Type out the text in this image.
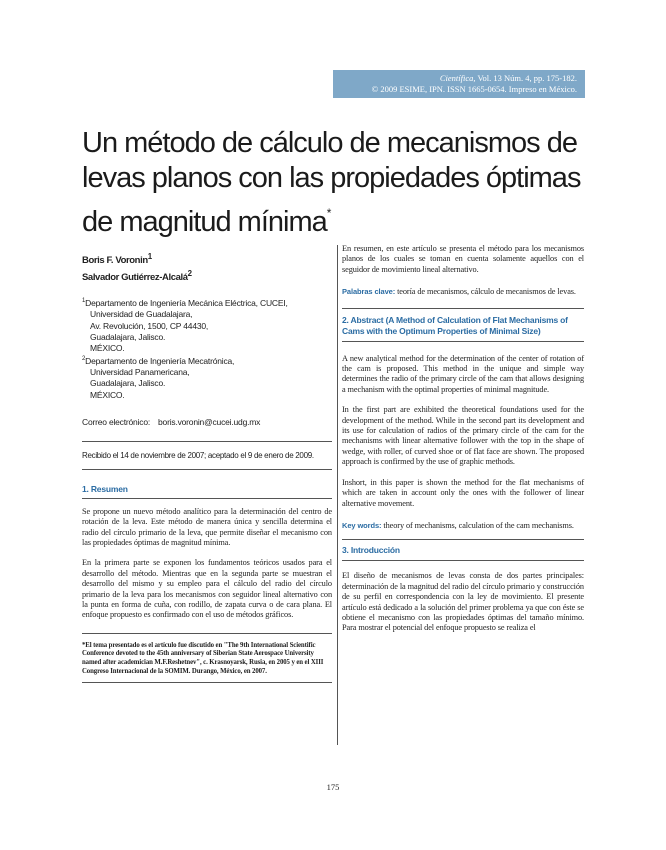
Científica, Vol. 13 Núm. 4, pp. 175-182.
© 2009 ESIME, IPN. ISSN 1665-0654. Impreso en México.
Un método de cálculo de mecanismos de levas planos con las propiedades óptimas de magnitud mínima*
Boris F. Voronin$^1$
Salvador Gutiérrez-Alcalá$^2$
$^1$Departamento de Ingeniería Mecánica Eléctrica, CUCEI,
Universidad de Guadalajara,
Av. Revolución, 1500, CP 44430,
Guadalajara, Jalisco.
MÉXICO.
$^2$Departamento de Ingeniería Mecatrónica,
Universidad Panamericana,
Guadalajara, Jalisco.
MÉXICO.
Correo electrónico: boris.voronin@cucei.udg.mx
Recibido el 14 de noviembre de 2007; aceptado el 9 de enero de 2009.
1. Resumen

Se propone un nuevo método analítico para la determinación del centro de rotación de la leva. Este método de manera única y sencilla determina el radio del círculo primario de la leva, que permite diseñar el mecanismo con las propiedades óptimas de magnitud mínima.

En la primera parte se exponen los fundamentos teóricos usados para el desarrollo del método. Mientras que en la segunda parte se muestran el desarrollo del mismo y su empleo para el cálculo del radio del círculo primario de la leva para los mecanismos con seguidor lineal alternativo con la punta en forma de cuña, con rodillo, de zapata curva o de cara plana. El enfoque propuesto es confirmado con el uso de métodos gráficos.

*El tema presentado es el artículo fue discutido en "The 9th International Scientific Conference devoted to the 45th anniversary of Siberian State Aerospace University named after academician M.F.Reshetnev", c. Krasnoyarsk, Rusia, en 2005 y en el XIII Congreso Internacional de la SOMIM. Durango, México, en 2007.

En resumen, en este artículo se presenta el método para los mecanismos planos de los cuales se toman en cuenta solamente aquellos con el seguidor de movimiento lineal alternativo.

Palabras clave: teoría de mecanismos, cálculo de mecanismos de levas.

2. Abstract (A Method of Calculation of Flat Mechanisms of Cams with the Optimum Properties of Minimal Size)

A new analytical method for the determination of the center of rotation of the cam is proposed. This method in the unique and simple way determines the radio of the primary circle of the cam that allows designing a mechanism with the optimal properties of minimal magnitude.

In the first part are exhibited the theoretical foundations used for the development of the method. While in the second part its development and its use for calculation of radios of the primary circle of the cam for the mechanisms with linear alternative follower with the top in the shape of wedge, with roller, of curved shoe or of flat face are shown. The proposed approach is confirmed by the use of graphic methods.

Inshort, in this paper is shown the method for the flat mechanisms of which are taken in account only the ones with the follower of linear alternative movement.

Key words: theory of mechanisms, calculation of the cam mechanisms.

3. Introducción

El diseño de mecanismos de levas consta de dos partes principales: determinación de la magnitud del radio del círculo primario y construcción de su perfil en correspondencia con la ley de movimiento. El presente artículo está dedicado a la solución del primer problema ya que con éste se obtiene el mecanismo con las propiedades óptimas del tamaño mínimo. Para mostrar el potencial del enfoque propuesto se realiza el

175
